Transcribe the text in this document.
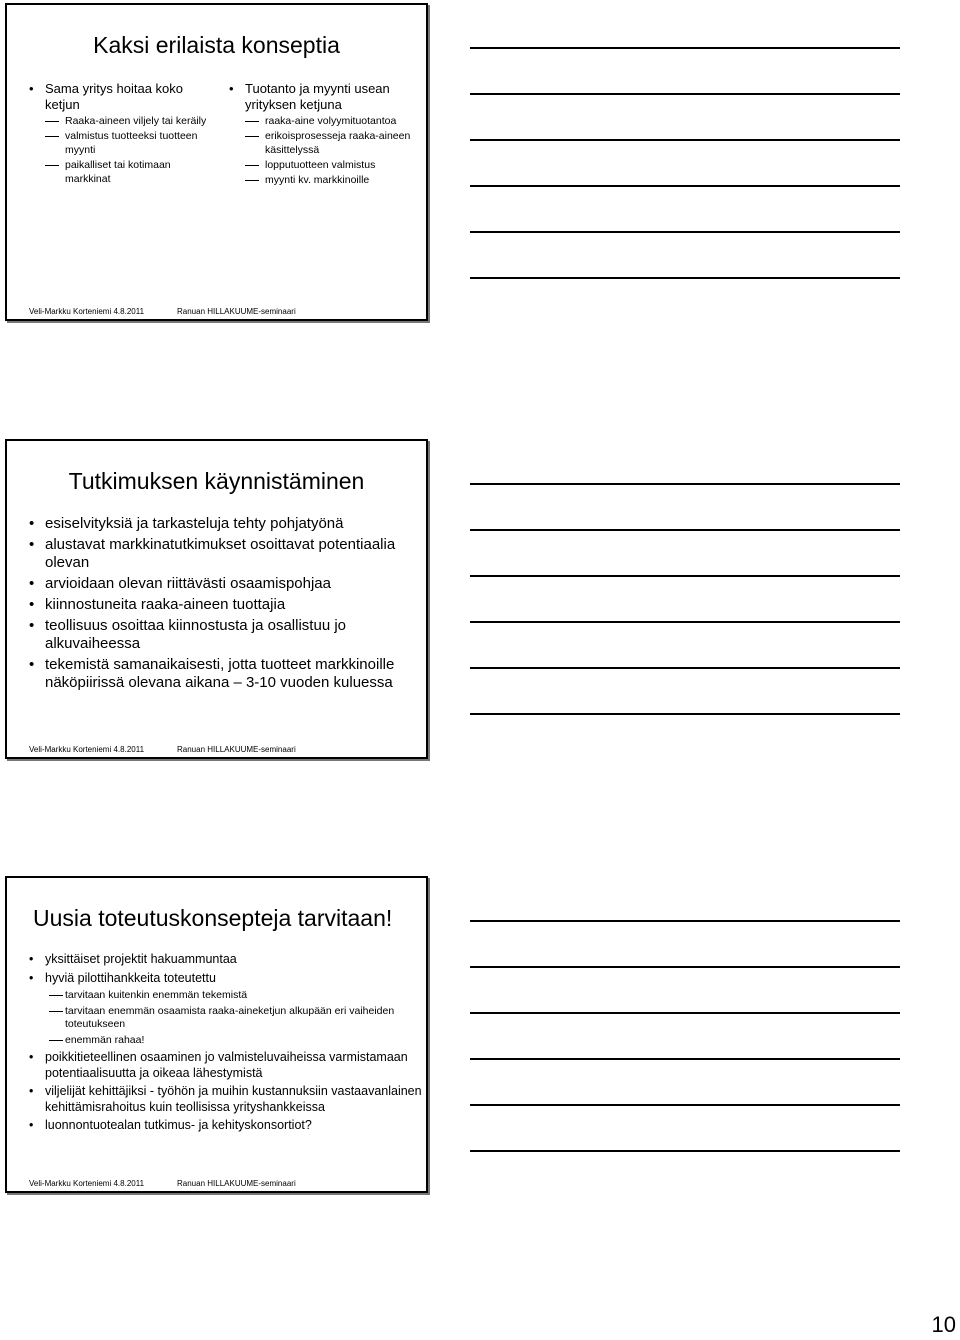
Kaksi erilaista konseptia
• Sama yritys hoitaa koko ketjun
Raaka-aineen viljely tai keräily
valmistus tuotteeksi tuotteen myynti
paikalliset tai kotimaan markkinat
• Tuotanto ja myynti usean yrityksen ketjuna
raaka-aine volyymituotantoa
erikoisprosesseja raaka-aineen käsittelyssä
lopputuotteen valmistus
myynti kv. markkinoille
Veli-Markku Korteniemi 4.8.2011	Ranuan HILLAKUUME-seminaari
Tutkimuksen käynnistäminen
• esiselvityksiä ja tarkasteluja tehty pohjatyönä
• alustavat markkinatutkimukset osoittavat potentiaalia olevan
• arvioidaan olevan riittävästi osaamispohjaa
• kiinnostuneita raaka-aineen tuottajia
• teollisuus osoittaa kiinnostusta ja osallistuu jo alkuvaiheessa
• tekemistä samanaikaisesti, jotta tuotteet markkinoille näköpiirissä olevana aikana – 3-10 vuoden kuluessa
Veli-Markku Korteniemi 4.8.2011	Ranuan HILLAKUUME-seminaari
Uusia toteutuskonsepteja tarvitaan!
• yksittäiset projektit hakuammuntaa
• hyviä pilottihankkeita toteutettu
tarvitaan kuitenkin enemmän tekemistä
tarvitaan enemmän osaamista raaka-aineketjun alkupään eri vaiheiden toteutukseen
enemmän rahaa!
• poikkitieteellinen osaaminen jo valmisteluvaiheissa varmistamaan potentiaalisuutta ja oikeaa lähestymistä
• viljelijät kehittäjiksi - työhön ja muihin kustannuksiin vastaavanlainen kehittämisrahoitus kuin teollisissa yrityshankkeissa
• luonnontuotealan tutkimus- ja kehityskonsortiot?
Veli-Markku Korteniemi 4.8.2011	Ranuan HILLAKUUME-seminaari
10
